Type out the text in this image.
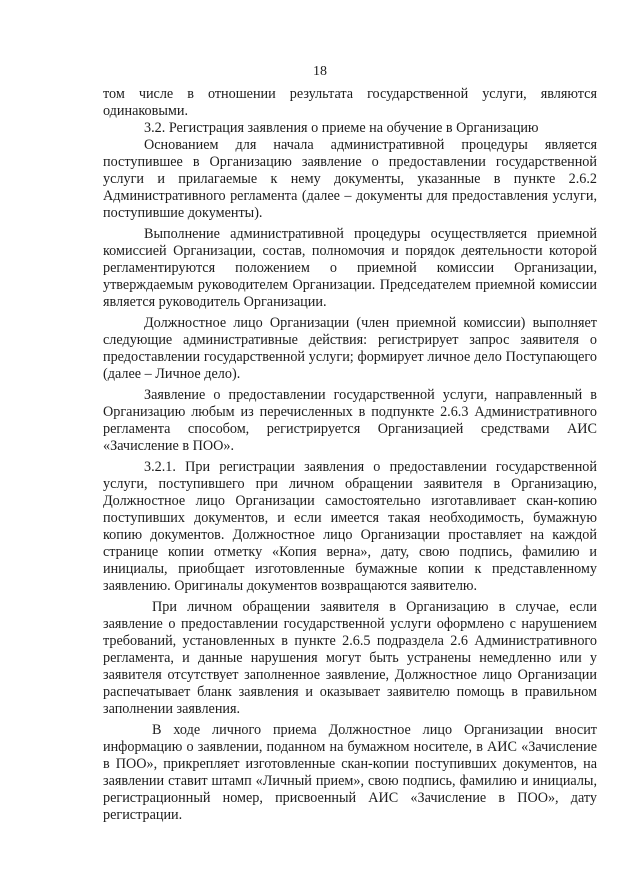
18

том числе в отношении результата государственной услуги, являются одинаковыми.

3.2. Регистрация заявления о приеме на обучение в Организацию

Основанием для начала административной процедуры является поступившее в Организацию заявление о предоставлении государственной услуги и прилагаемые к нему документы, указанные в пункте 2.6.2 Административного регламента (далее – документы для предоставления услуги, поступившие документы).

Выполнение административной процедуры осуществляется приемной комиссией Организации, состав, полномочия и порядок деятельности которой регламентируются положением о приемной комиссии Организации, утверждаемым руководителем Организации. Председателем приемной комиссии является руководитель Организации.

Должностное лицо Организации (член приемной комиссии) выполняет следующие административные действия: регистрирует запрос заявителя о предоставлении государственной услуги; формирует личное дело Поступающего (далее – Личное дело).

Заявление о предоставлении государственной услуги, направленный в Организацию любым из перечисленных в подпункте 2.6.3 Административного регламента способом, регистрируется Организацией средствами АИС «Зачисление в ПОО».

3.2.1. При регистрации заявления о предоставлении государственной услуги, поступившего при личном обращении заявителя в Организацию, Должностное лицо Организации самостоятельно изготавливает скан-копию поступивших документов, и если имеется такая необходимость, бумажную копию документов. Должностное лицо Организации проставляет на каждой странице копии отметку «Копия верна», дату, свою подпись, фамилию и инициалы, приобщает изготовленные бумажные копии к представленному заявлению. Оригиналы документов возвращаются заявителю.

При личном обращении заявителя в Организацию в случае, если заявление о предоставлении государственной услуги оформлено с нарушением требований, установленных в пункте 2.6.5 подраздела 2.6 Административного регламента, и данные нарушения могут быть устранены немедленно или у заявителя отсутствует заполненное заявление, Должностное лицо Организации распечатывает бланк заявления и оказывает заявителю помощь в правильном заполнении заявления.

В ходе личного приема Должностное лицо Организации вносит информацию о заявлении, поданном на бумажном носителе, в АИС «Зачисление в ПОО», прикрепляет изготовленные скан-копии поступивших документов, на заявлении ставит штамп «Личный прием», свою подпись, фамилию и инициалы, регистрационный номер, присвоенный АИС «Зачисление в ПОО», дату регистрации.
